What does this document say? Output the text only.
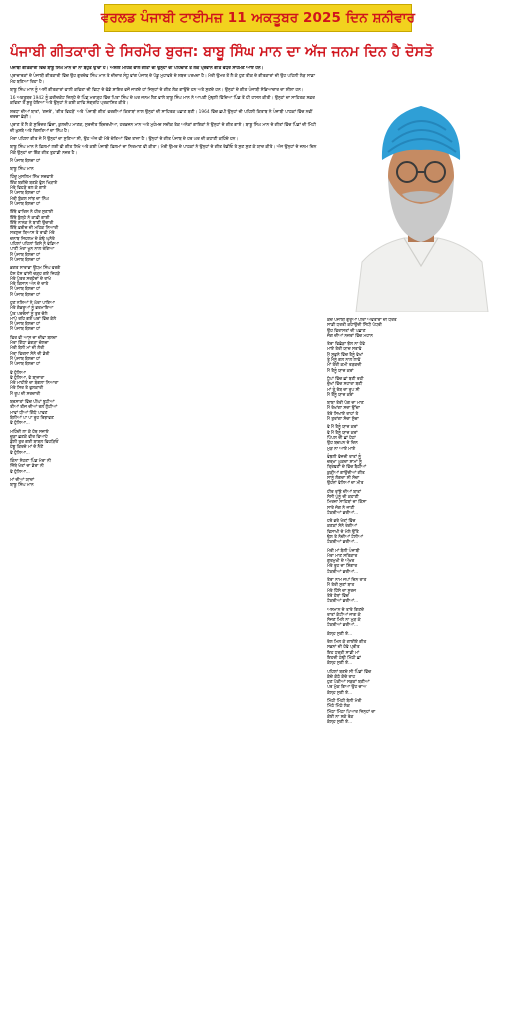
ਵਰਲਡ ਪੰਜਾਬੀ ਟਾਈਮਜ਼ 11 ਅਕਤੂਬਰ 2025 ਦਿਨ ਸ਼ਨੀਵਾਰ
ਪੰਜਾਬੀ ਗੀਤਕਾਰੀ ਦੇ ਸਿਰਮੌਰ ਬੁਰਜ: ਬਾਬੂ ਸਿੰਘ ਮਾਨ ਦਾ ਅੱਜ ਜਨਮ ਦਿਨ ਹੈ ਦੋਸਤੋ

ਪੰਜਾਬੀ ਗੀਤਕਾਰੀ ਵਿੱਚ ਬਾਬੂ ਸਿੰਘ ਮਾਨ ਦਾ ਨਾਂ ਬਹੁਤ ਉੱਚਾ ਹੈ। ਅਸਲੀ ਮਹਿਕ ਵਾਲੇ ਗੀਤਾਂ ਦੀ ਉਨ੍ਹਾਂ ਦੀ ਪਹਿਚਾਣ ਤੇ ਲੋਕ ਪ੍ਰਵਾਨ ਗੀਤ ਵਧੇਰੇ ਸਾਹਮਣੇ ਆਏ ਹਨ।

ਪ੍ਰਾਚਾਰਕਾਂ ਦੇ ਪੰਜਾਬੀ ਗੀਤਕਾਰੀ ਵਿੱਚ ਉਹ ਗੁਰਦੇਵ ਸਿੰਘ ਮਾਨ ਤੇ ਦੀਦਾਰ ਸੰਧੂ ਵਾਂਗ ਪੰਜਾਬ ਦੇ ਪੇਂਡੂ ਮੁਹਾਵਰੇ ਦੇ ਸ਼ਬਦ ਪਰਖਦਾ ਹੈ। ਮੇਰੀ ਉਮਰ ਤੋਂ ਲੈ ਕੇ ਹੁਣ ਤੀਕ ਦੇ ਗੀਤਕਾਰਾਂ ਦੀ ਉਹ ਪਹਿਲੀ ਲੋੜ ਸਾਡਾ ਮੋਹ ਬਣਿਆ ਰਿਹਾ ਹੈ।

ਬਾਬੂ ਸਿੰਘ ਮਾਨ ਨੂੰ ਅਸੀਂ ਗੀਤਕਾਰਾਂ ਵਾਲੀ ਕਵਿਤਾ ਦੀ ਵਿਧਾ ਦੇ ਵੱਡੇ ਸ਼ਾਇਰ ਵਜੋਂ ਜਾਣਦੇ ਹਾਂ ਜਿਨ੍ਹਾਂ ਦੇ ਗੀਤ ਲੋਕ ਗਾਉਂਦੇ ਹਨ ਅਤੇ ਸੁਣਦੇ ਹਨ। ਉਨ੍ਹਾਂ ਦੇ ਗੀਤ ਪੰਜਾਬੀ ਸੱਭਿਆਚਾਰ ਦਾ ਸ਼ੀਸ਼ਾ ਹਨ।

16 ਅਕਤੂਬਰ 1942 ਨੂੰ ਫ਼ਰੀਦਕੋਟ ਜ਼ਿਲ੍ਹੇ ਦੇ ਪਿੰਡ ਮਰਾੜ੍ਹ ਵਿੱਚ ਪਿਤਾ ਸਿੰਘ ਦੇ ਘਰ ਜਨਮ ਲੈਣ ਵਾਲੇ ਬਾਬੂ ਸਿੰਘ ਮਾਨ ਨੇ ਆਪਣੀ ਮੁੱਢਲੀ ਵਿੱਦਿਆ ਪਿੰਡ ਤੋਂ ਹੀ ਹਾਸਲ ਕੀਤੀ। ਉਨ੍ਹਾਂ ਦਾ ਸਾਹਿਤਕ ਸਫ਼ਰ ਕਵਿਤਾ ਤੋਂ ਸ਼ੁਰੂ ਹੋਇਆ ਅਤੇ ਉਨ੍ਹਾਂ ਨੇ ਕਈ ਕਾਵਿ ਸੰਗ੍ਰਹਿ ਪ੍ਰਕਾਸ਼ਿਤ ਕੀਤੇ।

ਸ਼ਰਧਾ ਦੀਆਂ ਬਾਤਾਂ, 'ਗਜਰੇ', 'ਗੀਤ ਵਿਹੜੇ' ਅਤੇ 'ਪੰਜਾਬੀ ਗੀਤ' ਵਰਗੀਆਂ ਕਿਤਾਬਾਂ ਨਾਲ ਉਨ੍ਹਾਂ ਦੀ ਸਾਹਿਤਕ ਪਛਾਣ ਬਣੀ। 1964 ਵਿੱਚ ਛਪੀ ਉਨ੍ਹਾਂ ਦੀ ਪਹਿਲੀ ਕਿਤਾਬ ਨੇ ਪੰਜਾਬੀ ਪਾਠਕਾਂ ਵਿੱਚ ਨਵੀਂ ਚਰਚਾ ਛੇੜੀ।

ਪ੍ਰਾਣ ਤੋਂ ਲੈ ਕੇ ਸੁਰਿੰਦਰ ਛਿੰਦਾ, ਕੁਲਦੀਪ ਮਾਣਕ, ਸੁਰਜੀਤ ਬਿੰਦਰਖੀਆ, ਹਰਭਜਨ ਮਾਨ ਅਤੇ ਮੁਹੰਮਦ ਸਦੀਕ ਤੱਕ ਅਨੇਕਾਂ ਗਾਇਕਾਂ ਨੇ ਉਨ੍ਹਾਂ ਦੇ ਗੀਤ ਗਾਏ। ਬਾਬੂ ਸਿੰਘ ਮਾਨ ਦੇ ਗੀਤਾਂ ਵਿੱਚ ਪਿੰਡਾਂ ਦੀ ਮਿੱਟੀ ਦੀ ਖ਼ੁਸ਼ਬੋ ਅਤੇ ਰਿਸ਼ਤਿਆਂ ਦਾ ਨਿੱਘ ਹੈ।

ਮੇਰਾ ਪਹਿਲਾ ਗੀਤ ਜੋ ਮੈਂ ਉਨ੍ਹਾਂ ਦਾ ਸੁਣਿਆ ਸੀ, ਉਹ ਅੱਜ ਵੀ ਮੇਰੇ ਚੇਤਿਆਂ ਵਿੱਚ ਤਾਜ਼ਾ ਹੈ। ਉਨ੍ਹਾਂ ਦੇ ਗੀਤ ਪੰਜਾਬ ਦੇ ਹਰ ਘਰ ਦੀ ਕਹਾਣੀ ਕਹਿੰਦੇ ਹਨ।

ਬਾਬੂ ਸਿੰਘ ਮਾਨ ਨੇ ਫ਼ਿਲਮਾਂ ਲਈ ਵੀ ਗੀਤ ਲਿਖੇ ਅਤੇ ਕਈ ਪੰਜਾਬੀ ਫ਼ਿਲਮਾਂ ਦਾ ਨਿਰਮਾਣ ਵੀ ਕੀਤਾ। ਮੇਰੀ ਉਮਰ ਦੇ ਪਾਠਕਾਂ ਨੇ ਉਨ੍ਹਾਂ ਦੇ ਗੀਤ ਰੇਡੀਓ ਤੇ ਸੁਣ ਸੁਣ ਕੇ ਯਾਦ ਕੀਤੇ। ਅੱਜ ਉਨ੍ਹਾਂ ਦੇ ਜਨਮ ਦਿਨ ਮੌਕੇ ਉਨ੍ਹਾਂ ਦਾ ਇੱਕ ਗੀਤ ਤੁਹਾਡੀ ਨਜ਼ਰ ਹੈ।

ਮੈਂ ਪੰਜਾਬ ਬੋਲਦਾ ਹਾਂ

ਬਾਬੂ ਸਿੰਘ ਮਾਨ

ਹਿੰਦੂ ਮੁਸਲਿਮ ਸਿੱਖ ਸਦਵਾਏ
ਇੱਕ ਬਗੀਚੇ ਬਣਕੇ ਫੁੱਲ ਖਿੜਾਏ
ਮੇਰੇ ਵਿਹੜੇ ਰਲ ਕੇ ਗਾਏ
ਮੈਂ ਪੰਜਾਬ ਬੋਲਦਾ ਹਾਂ
ਮੇਰੀ ਬੁੱਕਲ ਸਾਂਝ ਦਾ ਨਿੱਘ
ਮੈਂ ਪੰਜਾਬ ਬੋਲਦਾ ਹਾਂ

ਇੱਥੇ ਵਾਰਿਸ ਨੇ ਹੀਰ ਸੁਣਾਈ
ਇੱਥੇ ਬੁੱਲ੍ਹੇ ਨੇ ਕਾਫ਼ੀ ਗਾਈ
ਇੱਥੇ ਨਾਨਕ ਨੇ ਬਾਣੀ ਉਚਾਰੀ
ਇੱਥੇ ਫ਼ਰੀਦ ਦੀ ਮਹਿਕ ਨਿਆਰੀ
ਸਤਲੁਜ ਬਿਆਸ ਤੇ ਰਾਵੀ ਮੇਰੇ
ਚਨਾਬ ਜਿਹਲਮ ਦੇ ਕੰਢੇ ਘਨੇਰੇ
ਪਹਿਲਾਂ ਪਹਿਲਾਂ ਕਿਸੇ ਨੇ ਵੰਡਿਆ
ਪਾਣੀ ਮੇਰਾ ਖੂਨ ਨਾਲ ਰੰਗਿਆ
ਮੈਂ ਪੰਜਾਬ ਬੋਲਦਾ ਹਾਂ
ਮੈਂ ਪੰਜਾਬ ਬੋਲਦਾ ਹਾਂ

ਭਗਤ ਸਾਰਾਭਾ ਊਧਮ ਸਿੰਘ ਵਰਗੇ
ਹੱਸ ਹੱਸ ਫਾਂਸੀ ਚੜ੍ਹ ਗਏ ਜਿਹੜੇ
ਮੇਰੇ ਪੁੱਤਰ ਸਰਹੱਦਾਂ ਦੇ ਰਾਖੇ
ਮੇਰੇ ਕਿਸਾਨ ਅੰਨ ਦੇ ਦਾਤੇ
ਮੈਂ ਪੰਜਾਬ ਬੋਲਦਾ ਹਾਂ
ਮੈਂ ਪੰਜਾਬ ਬੋਲਦਾ ਹਾਂ

ਹੁਣ ਨਸ਼ਿਆਂ ਨੇ ਘੇਰਾ ਪਾਇਆ
ਮੇਰੇ ਗੱਭਰੂਆਂ ਨੂੰ ਭਰਮਾਇਆ
ਪੁੱਤ ਪਰਦੇਸਾਂ ਨੂੰ ਤੁਰ ਚੱਲੇ
ਮਾਪੇ ਰਹਿ ਗਏ ਘਰਾਂ ਵਿੱਚ ਕੱਲੇ
ਮੈਂ ਪੰਜਾਬ ਬੋਲਦਾ ਹਾਂ
ਮੈਂ ਪੰਜਾਬ ਬੋਲਦਾ ਹਾਂ

ਫਿਰ ਵੀ ਆਸ ਦਾ ਦੀਵਾ ਬਲਦਾ
ਮੇਰਾ ਗਿੱਧਾ ਭੰਗੜਾ ਚੱਲਦਾ
ਮੇਰੀ ਬੋਲੀ ਮਾਂ ਦੀ ਲੋਰੀ
ਮੇਰਾ ਵਿਰਸਾ ਸੋਨੇ ਦੀ ਡੋਰੀ
ਮੈਂ ਪੰਜਾਬ ਬੋਲਦਾ ਹਾਂ
ਮੈਂ ਪੰਜਾਬ ਬੋਲਦਾ ਹਾਂ

ਵੇ ਹੁੱਲਿਆ
ਵੇ ਹੁੱਲਿਆ, ਵੇ ਬਾਜ਼ਾਰਾ
ਮੇਰੇ ਮਾਹੀਏ ਦਾ ਬੰਗਲਾ ਨਿਆਰਾ
ਮੇਰੇ ਸਿਰ ਤੇ ਫੁਲਕਾਰੀ
ਮੈਂ ਰੂਪ ਦੀ ਸਰਦਾਰੀ

ਬਰਸਾਤਾਂ ਵਿੱਚ ਪੀਂਘਾਂ ਝੂਟੀਆਂ
ਤੀਆਂ ਤੀਜ ਦੀਆਂ ਰਲ ਲੁੱਟੀਆਂ
ਮਾਵਾਂ ਧੀਆਂ ਗਿੱਧੇ ਪਾਵਣ
ਬੋਲੀਆਂ ਪਾ ਪਾ ਰੂਹ ਰਿਝਾਵਣ
ਵੇ ਹੁੱਲਿਆ...

ਮਹਿੰਦੀ ਲਾ ਕੇ ਹੱਥ ਸਜਾਏ
ਚੂੜਾ ਛਣਕੇ ਵੀਰ ਵਿਆਹੇ
ਡੋਲੀ ਤੁਰ ਗਈ ਬਾਬਲ ਵਿਹੜਿਓਂ
ਹੰਝੂ ਕਿਰਦੇ ਮਾਂ ਦੇ ਨੈਣੋਂ
ਵੇ ਹੁੱਲਿਆ...

ਕਿੰਨਾ ਸੋਹਣਾ ਪਿੰਡ ਮੇਰਾ ਨੀ
ਜਿੱਥੇ ਖੇਤਾਂ ਦਾ ਡੇਰਾ ਨੀ
ਵੇ ਹੁੱਲਿਆ...

ਮਾਂ ਦੀਆਂ ਯਾਦਾਂ
ਬਾਬੂ ਸਿੰਘ ਮਾਨ

ਕਦੇ ਪੰਜਾਬੀ ਗੁਰੂਆਂ ਪੀਰਾਂ ਅਵਤਾਰਾਂ ਦੀ ਧਰਤ
ਸਾਡੀ ਧਰਤੀ ਕਹਾਉਂਦੀ ਸਿੱਧੀ ਪੱਧਰੀ
ਉਹ ਵਿਰਾਸਤਾਂ ਦੀ ਪਛਾਣ
ਜੱਗ ਦੀਆਂ ਨਜ਼ਰਾਂ ਵਿੱਚ ਮਹਾਨ

ਤੇਰਾ ਵਿਛੋੜਾ ਝੱਲ ਨਾ ਹੋਵੇ
ਮਾਏ ਤੇਰੀ ਯਾਦ ਸਤਾਵੇ
ਮੈਂ ਸੁਫ਼ਨੇ ਵਿੱਚ ਤੈਨੂੰ ਵੇਖਾਂ
ਤੂੰ ਮੈਨੂੰ ਗਲ ਨਾਲ ਲਾਵੇਂ
ਮਾਂ ਤੇਰੀ ਕਮੀ ਰੜਕਦੀ
ਮੈਂ ਤੈਨੂੰ ਯਾਦ ਕਰਾਂ

ਧੁੱਪਾਂ ਵਿੱਚ ਛਾਂ ਬਣੀ ਰਹੀ
ਦੁੱਖਾਂ ਵਿੱਚ ਸਹਾਰਾ ਬਣੀ
ਮਾਂ ਤੂੰ ਰੱਬ ਦਾ ਰੂਪ ਸੀ
ਮੈਂ ਤੈਨੂੰ ਯਾਦ ਕਰਾਂ

ਬਾਬਾ ਤੇਰੀ ਪੱਗ ਦਾ ਮਾਣ
ਮੈਂ ਰੱਖਾਂਗਾ ਸਦਾ ਉੱਚਾ
ਤੇਰੇ ਸਿਖਾਏ ਰਾਹਾਂ ਤੇ
ਮੈਂ ਤੁਰਾਂਗਾ ਸੱਚਾ ਸੁੱਚਾ

ਵੇ ਮੈਂ ਤੈਨੂੰ ਯਾਦ ਕਰਾਂ
ਵੇ ਮੈਂ ਤੈਨੂੰ ਯਾਦ ਕਰਾਂ
ਪਿੱਪਲ ਦੀ ਛਾਂ ਹੇਠਾਂ
ਉਹ ਬਚਪਨ ਦੇ ਦਿਨ
ਮੁੜ ਨਾ ਆਏ ਮਾਏ

ਵੰਝਲੀ ਵੱਜਦੀ ਰਾਤਾਂ ਨੂੰ
ਚਰਖਾ ਘੂਕਦਾ ਸ਼ਾਮਾਂ ਨੂੰ
ਤ੍ਰਿੰਞਣਾਂ ਦੇ ਵਿੱਚ ਬੈਠੀਆਂ
ਕੁੜੀਆਂ ਗਾਉਂਦੀਆਂ ਗੀਤ
ਸਾਨੂੰ ਲੱਗਦਾ ਸੀ ਸੱਚਾ
ਉਹਨਾਂ ਵੇਲਿਆਂ ਦਾ ਮੀਤ

ਹੀਰ ਰਾਂਝੇ ਦੀਆਂ ਬਾਤਾਂ
ਸੱਸੀ ਪੁੰਨੂੰ ਦੀ ਕਹਾਣੀ
ਮਿਰਜ਼ਾ ਸਾਹਿਬਾਂ ਦਾ ਕਿੱਸਾ
ਸਾਰੇ ਜੱਗ ਨੇ ਜਾਣੀ
ਟੋਕਰੀਆਂ ਭਰੀਆਂ...

ਹਰੇ ਭਰੇ ਖੇਤਾਂ ਵਿੱਚ
ਕਣਕਾਂ ਸੋਨੇ ਰੰਗੀਆਂ
ਵਿਸਾਖੀ ਦੇ ਮੇਲੇ ਉੱਤੇ
ਢੋਲ ਤੇ ਨੱਚੀਆਂ ਟੋਲੀਆਂ
ਟੋਕਰੀਆਂ ਭਰੀਆਂ...

ਮੇਰੀ ਮਾਂ ਬੋਲੀ ਪੰਜਾਬੀ
ਮੇਰਾ ਮਾਣ ਸਤਿਕਾਰ
ਗੁਰਮੁਖੀ ਦੇ ਅੱਖਰ
ਮੇਰੇ ਰੂਹ ਦਾ ਸ਼ਿੰਗਾਰ
ਟੋਕਰੀਆਂ ਭਰੀਆਂ...

ਤੇਰਾ ਨਾਮ ਜਪਾਂ ਦਿਨ ਰਾਤ
ਮੈਂ ਤੇਰੀ ਸੁਣਾਂ ਬਾਤ
ਮੇਰੇ ਹਿੱਸੇ ਦਾ ਸੂਰਜ
ਤੇਰੇ ਹੱਥਾਂ ਵਿੱਚ
ਟੋਕਰੀਆਂ ਭਰੀਆਂ...

ਅਸਮਾਨ ਦੇ ਤਾਰੇ ਗਿਣਦੇ
ਰਾਤਾਂ ਕੱਟੀਆਂ ਜਾਗ ਕੇ
ਸੱਜਣ ਮਿਲੇ ਨਾ ਮੁੜ ਕੇ
ਟੋਕਰੀਆਂ ਭਰੀਆਂ...

ਕੱਲ੍ਹ ਸੁਣੀ ਏ...

ਰੱਲ ਮਿਲ ਕੇ ਗਾਈਏ ਗੀਤ
ਸਭਨਾਂ ਦੀ ਹੋਵੇ ਪ੍ਰੀਤ
ਇਹ ਧਰਤੀ ਸਾਡੀ ਮਾਂ
ਇਹਦੀ ਠੰਢੀ ਮਿੱਠੀ ਛਾਂ
ਕੱਲ੍ਹ ਸੁਣੀ ਏ...

ਪਹਿਲਾਂ ਬਣਦੇ ਸੀ ਪਿੰਡਾਂ ਵਿੱਚ
ਕੱਚੇ ਕੋਠੇ ਕੱਚੇ ਰਾਹ
ਹੁਣ ਪੱਕੀਆਂ ਸੜਕਾਂ ਬਣੀਆਂ
ਪਰ ਮੁੱਕ ਗਿਆ ਉਹ ਚਾਅ
ਕੱਲ੍ਹ ਸੁਣੀ ਏ...

ਮਿੱਠੀ ਮਿੱਠੀ ਬੋਲੀ ਮੇਰੀ
ਮਿੱਠੇ ਮਿੱਠੇ ਲੋਕ
ਮਿੱਠਾ ਮਿੱਠਾ ਪਿਆਰ ਜਿਨ੍ਹਾਂ ਦਾ
ਕੋਈ ਨਾ ਸਕੇ ਰੋਕ
ਕੱਲ੍ਹ ਸੁਣੀ ਏ...
